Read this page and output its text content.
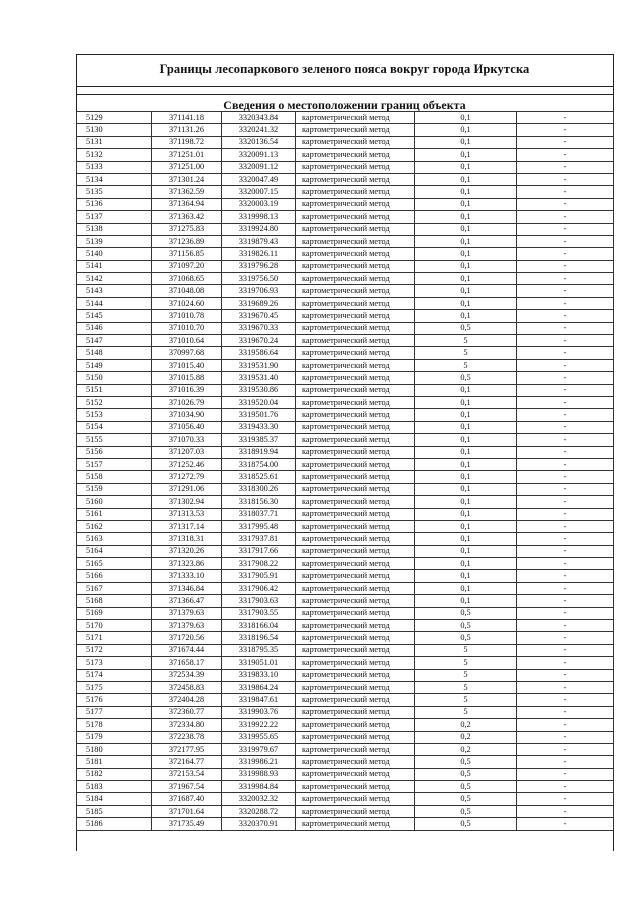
Границы лесопаркового зеленого пояса вокруг города Иркутска
Сведения о местоположении границ объекта
5129	371141.18	3320343.84	картометрический метод	0,1	-
5130	371131.26	3320241.32	картометрический метод	0,1	-
5131	371198.72	3320136.54	картометрический метод	0,1	-
5132	371251.01	3320091.13	картометрический метод	0,1	-
5133	371251.00	3320091.12	картометрический метод	0,1	-
5134	371301.24	3320047.49	картометрический метод	0,1	-
5135	371362.59	3320007.15	картометрический метод	0,1	-
5136	371364.94	3320003.19	картометрический метод	0,1	-
5137	371363.42	3319998.13	картометрический метод	0,1	-
5138	371275.83	3319924.80	картометрический метод	0,1	-
5139	371236.89	3319879.43	картометрический метод	0,1	-
5140	371156.85	3319826.11	картометрический метод	0,1	-
5141	371097.20	3319796.28	картометрический метод	0,1	-
5142	371068.65	3319756.50	картометрический метод	0,1	-
5143	371048.08	3319706.93	картометрический метод	0,1	-
5144	371024.60	3319689.26	картометрический метод	0,1	-
5145	371010.78	3319670.45	картометрический метод	0,1	-
5146	371010.70	3319670.33	картометрический метод	0,5	-
5147	371010.64	3319670.24	картометрический метод	5	-
5148	370997.68	3319586.64	картометрический метод	5	-
5149	371015.40	3319531.90	картометрический метод	5	-
5150	371015.88	3319531.40	картометрический метод	0,5	-
5151	371016.39	3319530.86	картометрический метод	0,1	-
5152	371026.79	3319520.04	картометрический метод	0,1	-
5153	371034.90	3319501.76	картометрический метод	0,1	-
5154	371056.40	3319433.30	картометрический метод	0,1	-
5155	371070.33	3319385.37	картометрический метод	0,1	-
5156	371207.03	3318919.94	картометрический метод	0,1	-
5157	371252.46	3318754.00	картометрический метод	0,1	-
5158	371272.79	3318525.61	картометрический метод	0,1	-
5159	371291.06	3318300.26	картометрический метод	0,1	-
5160	371302.94	3318156.30	картометрический метод	0,1	-
5161	371313.53	3318037.71	картометрический метод	0,1	-
5162	371317.14	3317995.48	картометрический метод	0,1	-
5163	371318.31	3317937.81	картометрический метод	0,1	-
5164	371320.26	3317917.66	картометрический метод	0,1	-
5165	371323.86	3317908.22	картометрический метод	0,1	-
5166	371333.10	3317905.91	картометрический метод	0,1	-
5167	371346.84	3317906.42	картометрический метод	0,1	-
5168	371366.47	3317903.63	картометрический метод	0,1	-
5169	371379.63	3317903.55	картометрический метод	0,5	-
5170	371379.63	3318166.04	картометрический метод	0,5	-
5171	371720.56	3318196.54	картометрический метод	0,5	-
5172	371674.44	3318795.35	картометрический метод	5	-
5173	371658.17	3319051.01	картометрический метод	5	-
5174	372534.39	3319833.10	картометрический метод	5	-
5175	372458.83	3319864.24	картометрический метод	5	-
5176	372404.28	3319847.61	картометрический метод	5	-
5177	372360.77	3319903.76	картометрический метод	5	-
5178	372334.80	3319922.22	картометрический метод	0,2	-
5179	372238.78	3319955.65	картометрический метод	0,2	-
5180	372177.95	3319979.67	картометрический метод	0,2	-
5181	372164.77	3319986.21	картометрический метод	0,5	-
5182	372153.54	3319988.93	картометрический метод	0,5	-
5183	371967.54	3319984.84	картометрический метод	0,5	-
5184	371687.40	3320032.32	картометрический метод	0,5	-
5185	371701.64	3320288.72	картометрический метод	0,5	-
5186	371735.49	3320370.91	картометрический метод	0,5	-
